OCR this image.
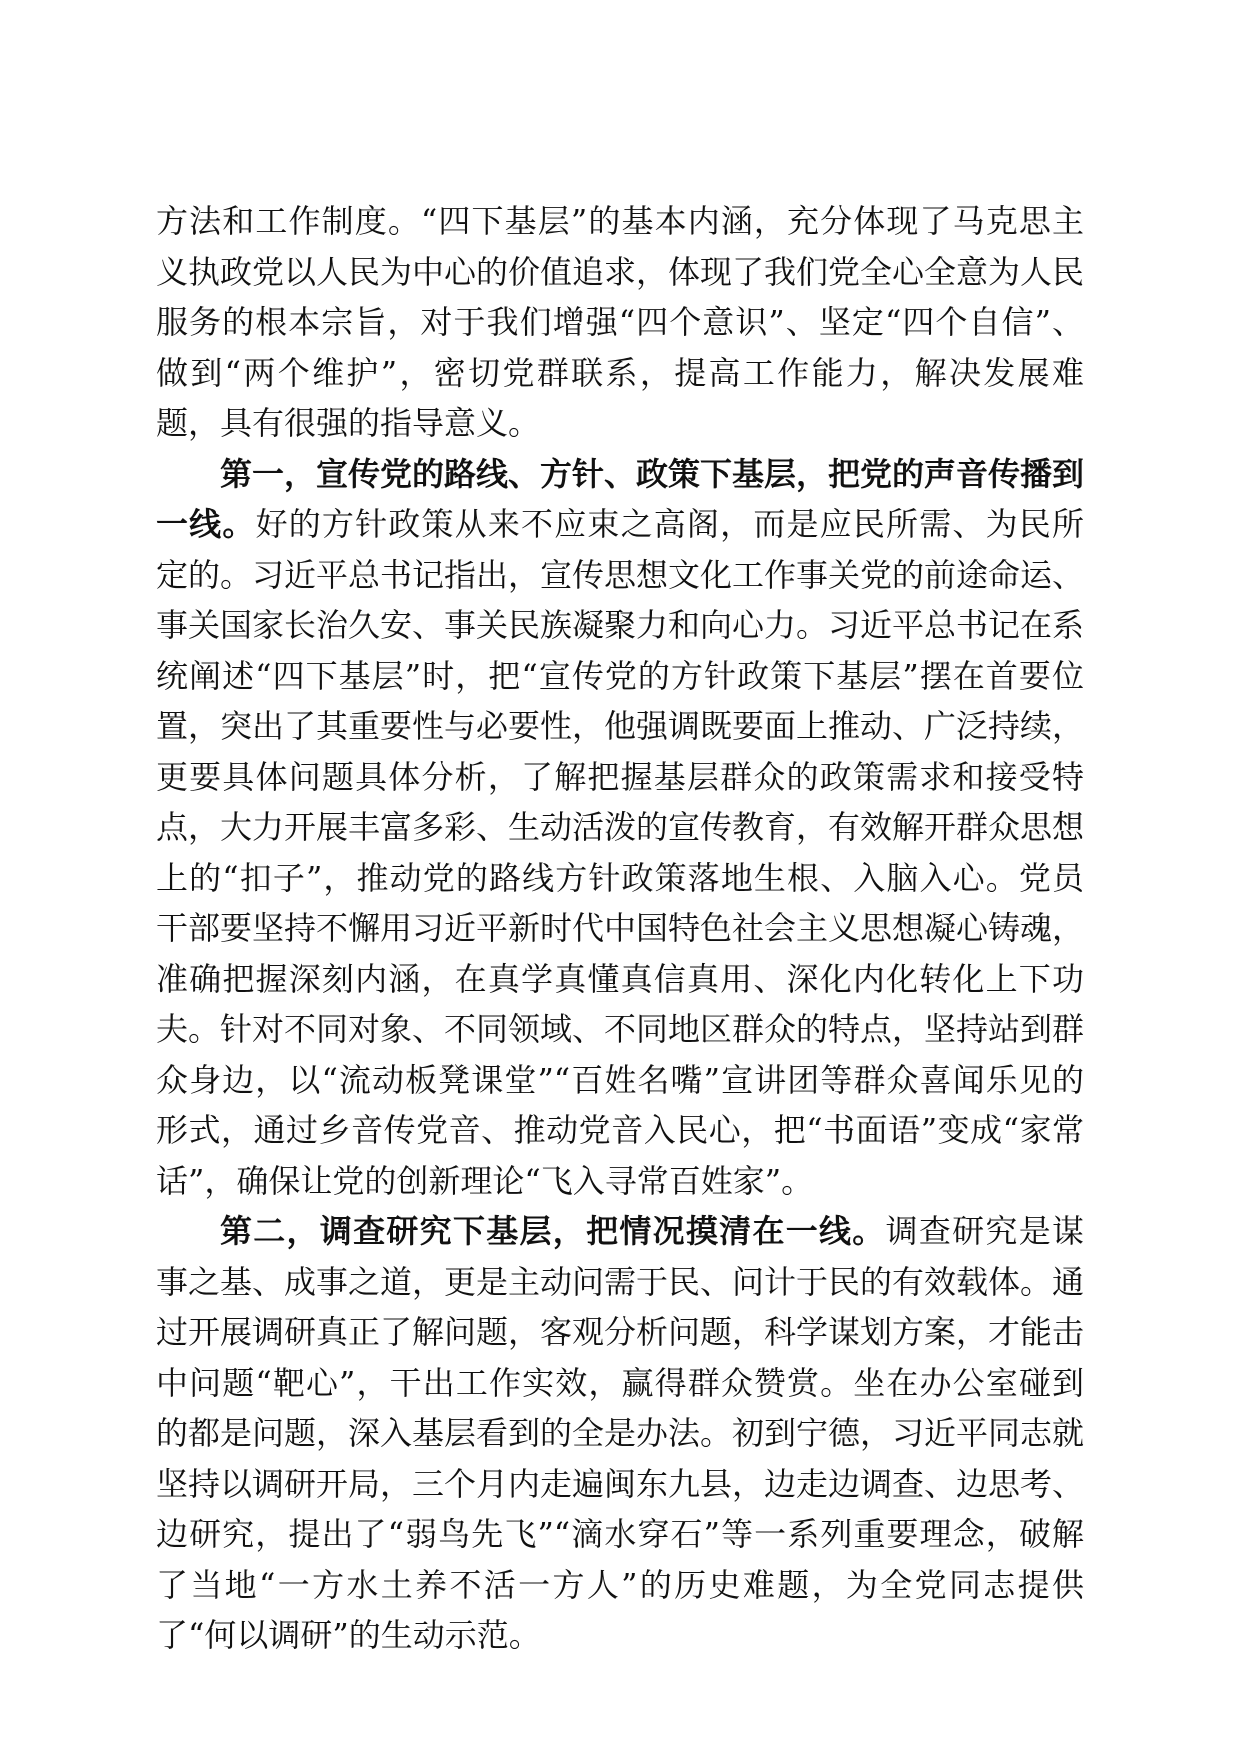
方法和工作制度。“四下基层”的基本内涵，充分体现了马克思主义执政党以人民为中心的价值追求，体现了我们党全心全意为人民服务的根本宗旨，对于我们增强“四个意识”、坚定“四个自信”、做到“两个维护”，密切党群联系，提高工作能力，解决发展难题，具有很强的指导意义。

第一，宣传党的路线、方针、政策下基层，把党的声音传播到一线。好的方针政策从来不应束之高阁，而是应民所需、为民所定的。习近平总书记指出，宣传思想文化工作事关党的前途命运、事关国家长治久安、事关民族凝聚力和向心力。习近平总书记在系统阐述“四下基层”时，把“宣传党的方针政策下基层”摆在首要位置，突出了其重要性与必要性，他强调既要面上推动、广泛持续，更要具体问题具体分析，了解把握基层群众的政策需求和接受特点，大力开展丰富多彩、生动活泼的宣传教育，有效解开群众思想上的“扣子”，推动党的路线方针政策落地生根、入脑入心。党员干部要坚持不懈用习近平新时代中国特色社会主义思想凝心铸魂，准确把握深刻内涵，在真学真懂真信真用、深化内化转化上下功夫。针对不同对象、不同领域、不同地区群众的特点，坚持站到群众身边，以“流动板凳课堂”“百姓名嘴”宣讲团等群众喜闻乐见的形式，通过乡音传党音、推动党音入民心，把“书面语”变成“家常话”，确保让党的创新理论“飞入寻常百姓家”。

第二，调查研究下基层，把情况摸清在一线。调查研究是谋事之基、成事之道，更是主动问需于民、问计于民的有效载体。通过开展调研真正了解问题，客观分析问题，科学谋划方案，才能击中问题“靶心”，干出工作实效，赢得群众赞赏。坐在办公室碰到的都是问题，深入基层看到的全是办法。初到宁德，习近平同志就坚持以调研开局，三个月内走遍闽东九县，边走边调查、边思考、边研究，提出了“弱鸟先飞”“滴水穿石”等一系列重要理念，破解了当地“一方水土养不活一方人”的历史难题，为全党同志提供了“何以调研”的生动示范。
